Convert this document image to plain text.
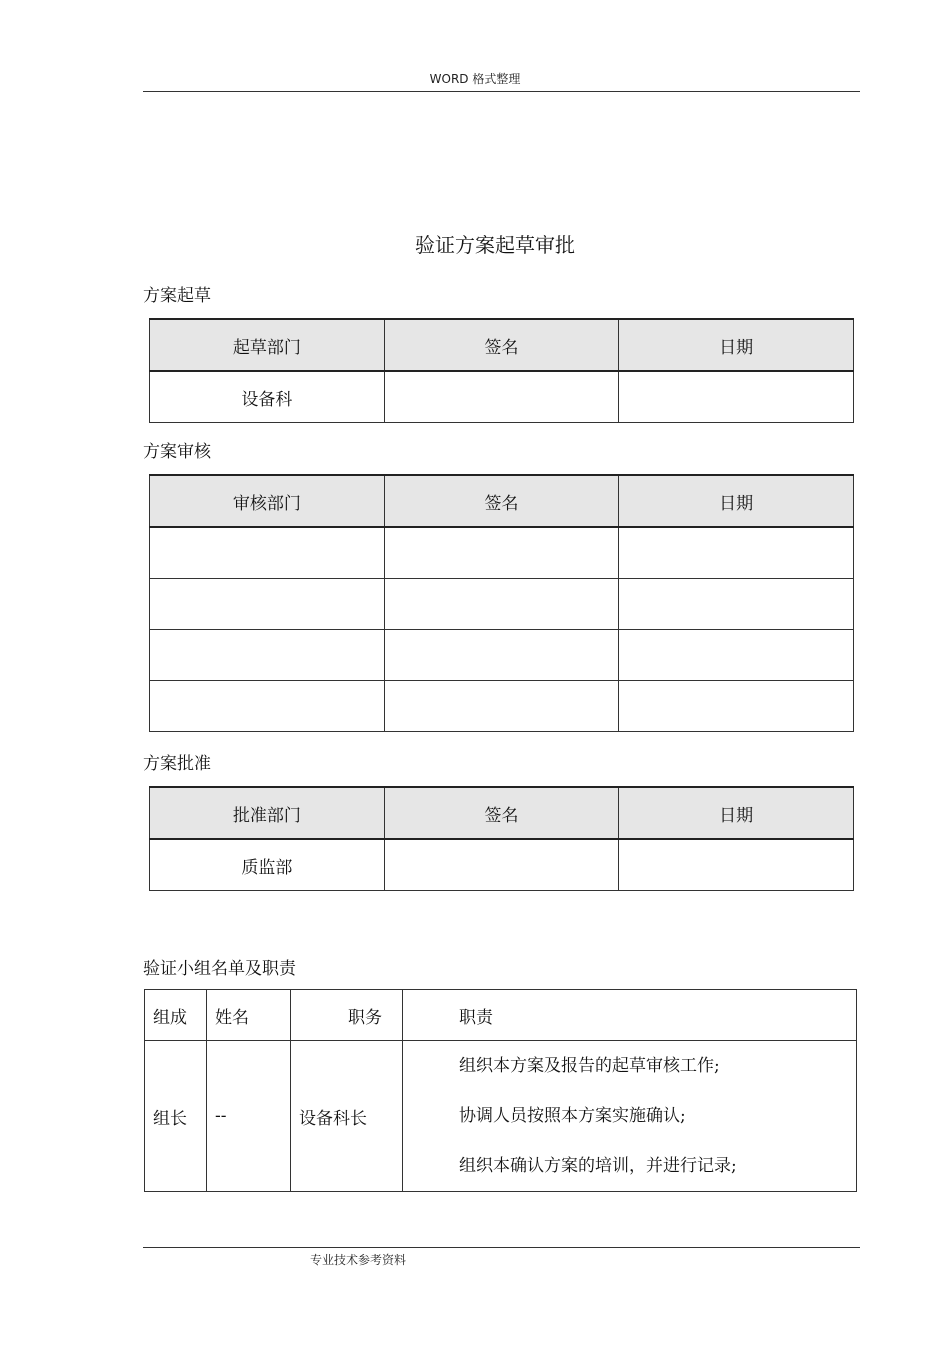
WORD 格式整理
验证方案起草审批
方案起草
起草部门	签名	日期
设备科		
方案审核
审核部门	签名	日期

方案批准
批准部门	签名	日期
质监部		
验证小组名单及职责
组成	姓名	职务	职责
组长	--	设备科长	组织本方案及报告的起草审核工作;
协调人员按照本方案实施确认;
组织本确认方案的培训，并进行记录;
专业技术参考资料
